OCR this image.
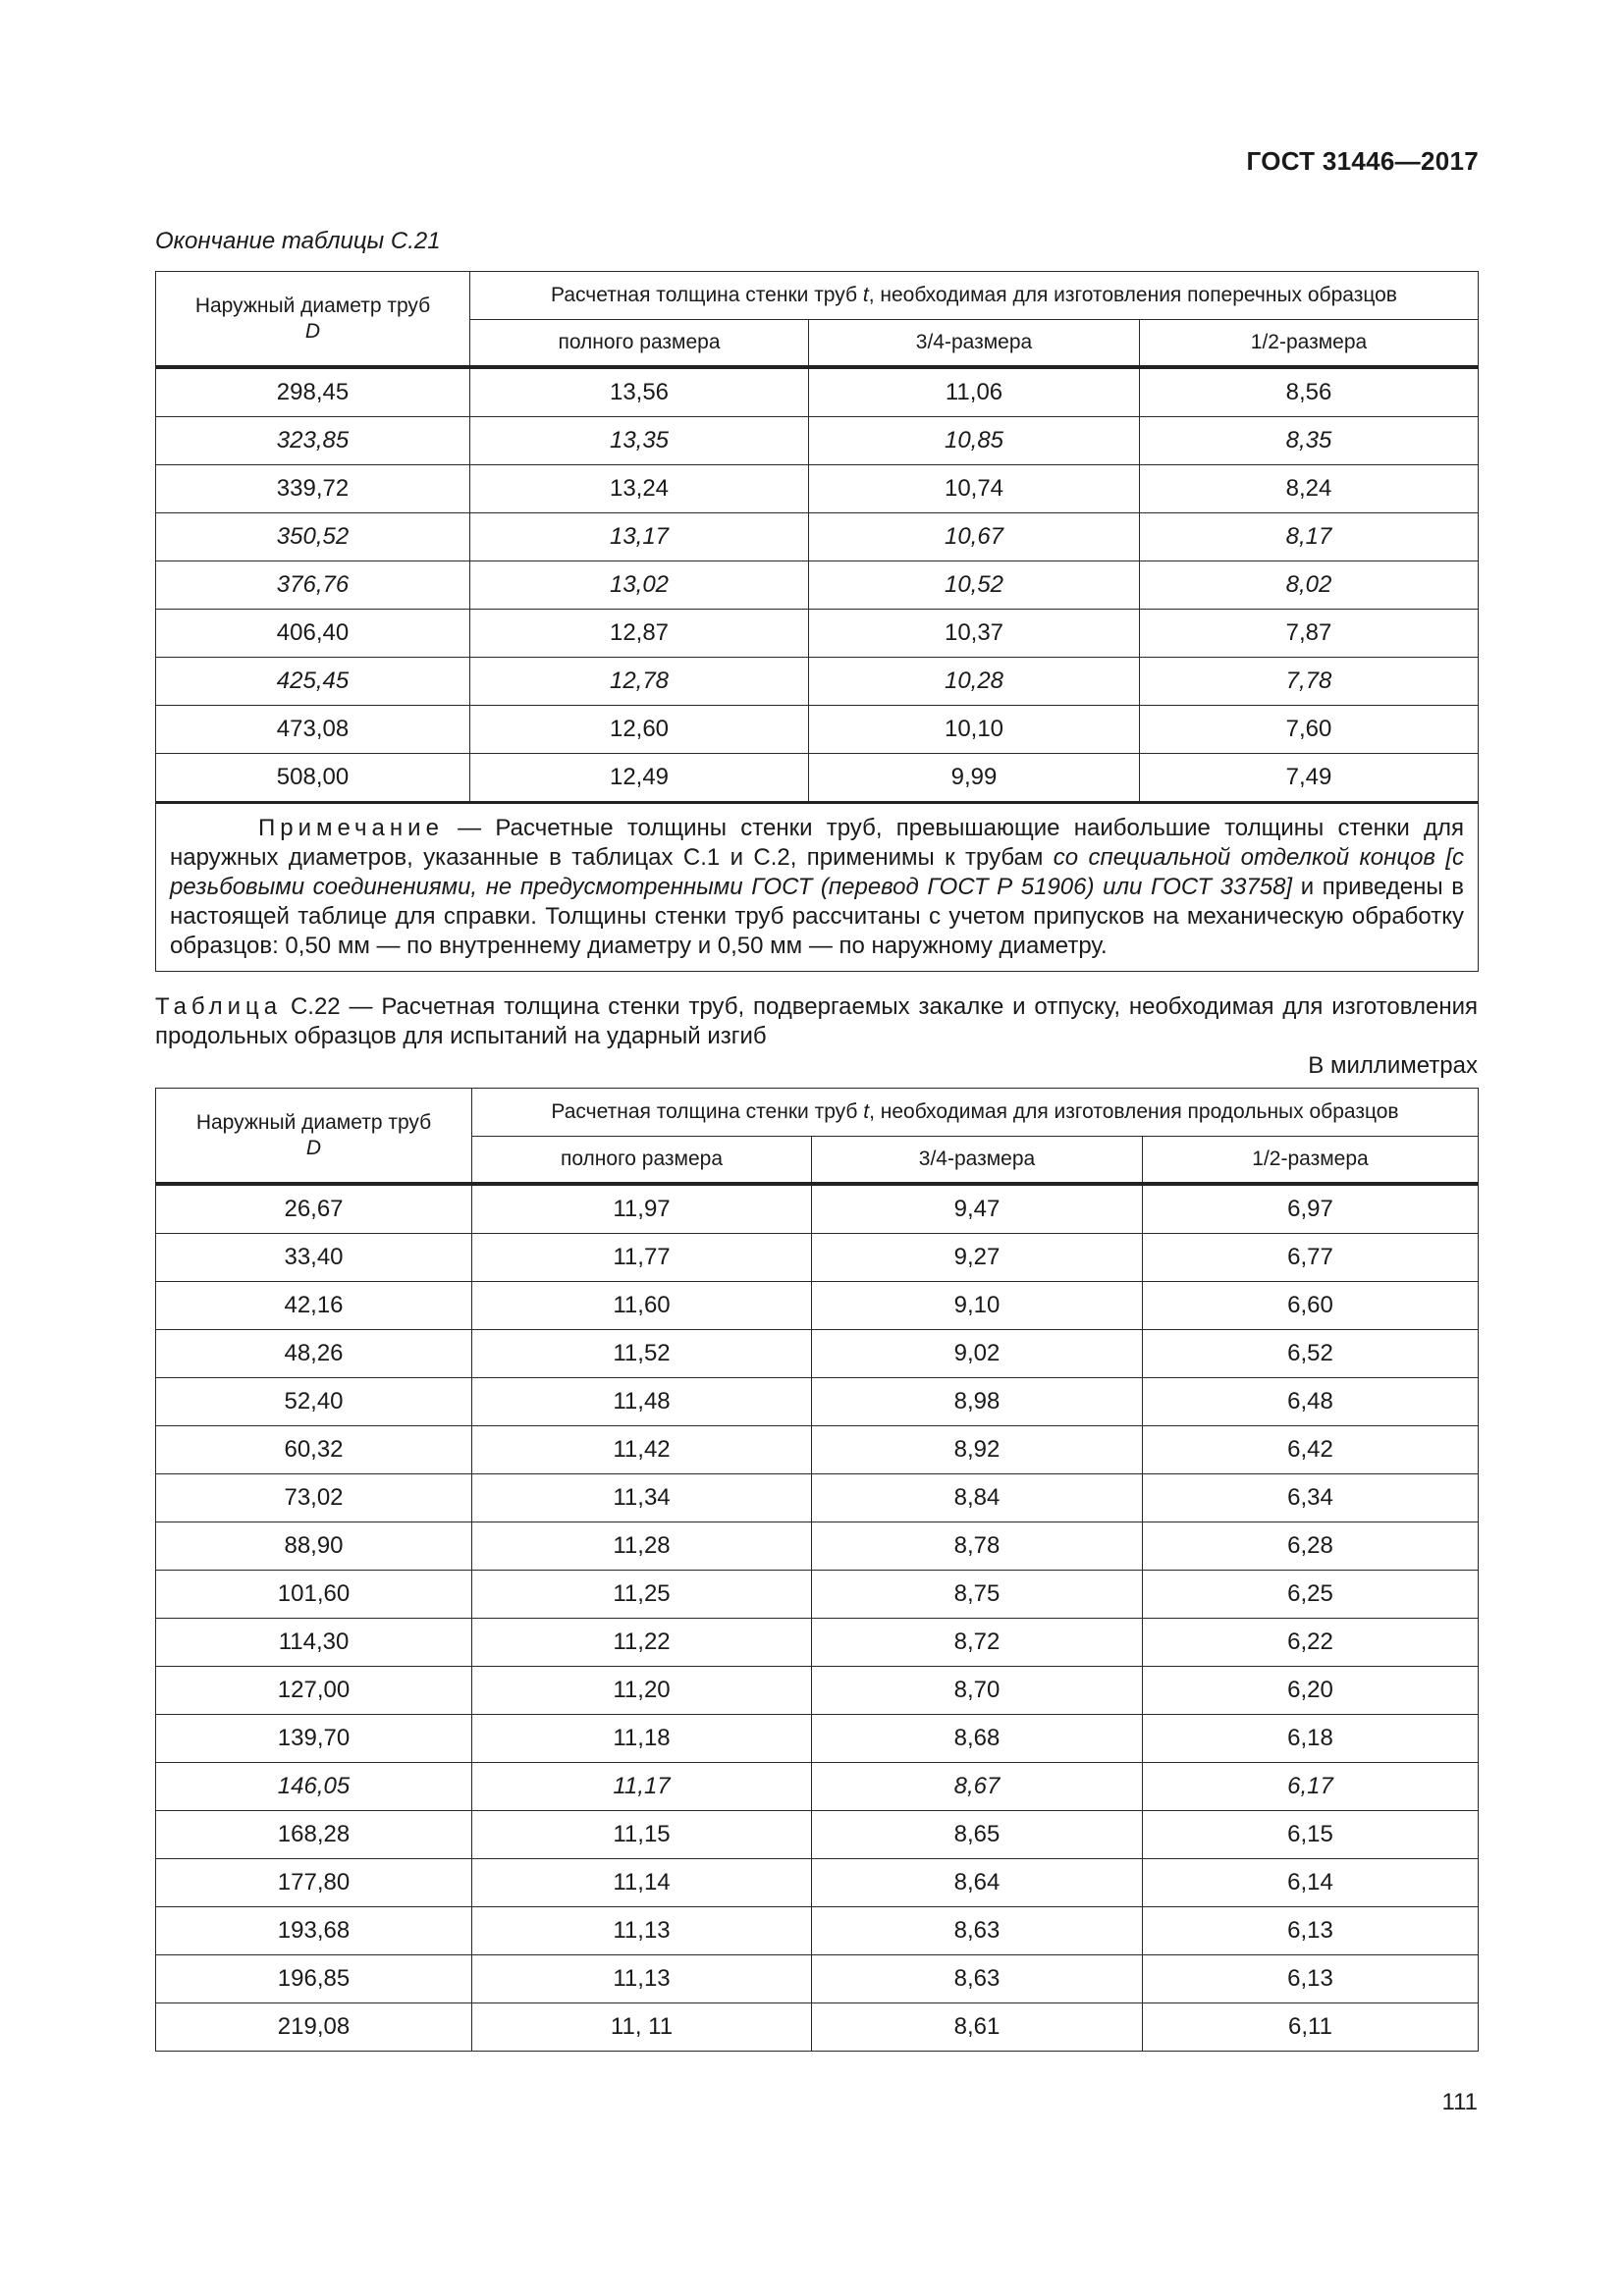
ГОСТ 31446—2017
Окончание таблицы С.21
Наружный диаметр труб
D	Расчетная толщина стенки труб t, необходимая для изготовления поперечных образцов		
	полного размера	3/4-размера	1/2-размера
298,45	13,56	11,06	8,56
323,85	13,35	10,85	8,35
339,72	13,24	10,74	8,24
350,52	13,17	10,67	8,17
376,76	13,02	10,52	8,02
406,40	12,87	10,37	7,87
425,45	12,78	10,28	7,78
473,08	12,60	10,10	7,60
508,00	12,49	9,99	7,49
Примечание — Расчетные толщины стенки труб, превышающие наибольшие толщины стенки для наружных диаметров, указанные в таблицах С.1 и С.2, применимы к трубам со специальной отделкой концов [с резьбовыми соединениями, не предусмотренными ГОСТ (перевод ГОСТ Р 51906) или ГОСТ 33758] и приведены в настоящей таблице для справки. Толщины стенки труб рассчитаны с учетом припусков на механическую обработку образцов: 0,50 мм — по внутреннему диаметру и 0,50 мм — по наружному диаметру.			
Таблица С.22 — Расчетная толщина стенки труб, подвергаемых закалке и отпуску, необходимая для изготовления продольных образцов для испытаний на ударный изгиб
В миллиметрах
Наружный диаметр труб
D	Расчетная толщина стенки труб t, необходимая для изготовления продольных образцов		
	полного размера	3/4-размера	1/2-размера
26,67	11,97	9,47	6,97
33,40	11,77	9,27	6,77
42,16	11,60	9,10	6,60
48,26	11,52	9,02	6,52
52,40	11,48	8,98	6,48
60,32	11,42	8,92	6,42
73,02	11,34	8,84	6,34
88,90	11,28	8,78	6,28
101,60	11,25	8,75	6,25
114,30	11,22	8,72	6,22
127,00	11,20	8,70	6,20
139,70	11,18	8,68	6,18
146,05	11,17	8,67	6,17
168,28	11,15	8,65	6,15
177,80	11,14	8,64	6,14
193,68	11,13	8,63	6,13
196,85	11,13	8,63	6,13
219,08	11, 11	8,61	6,11
111
